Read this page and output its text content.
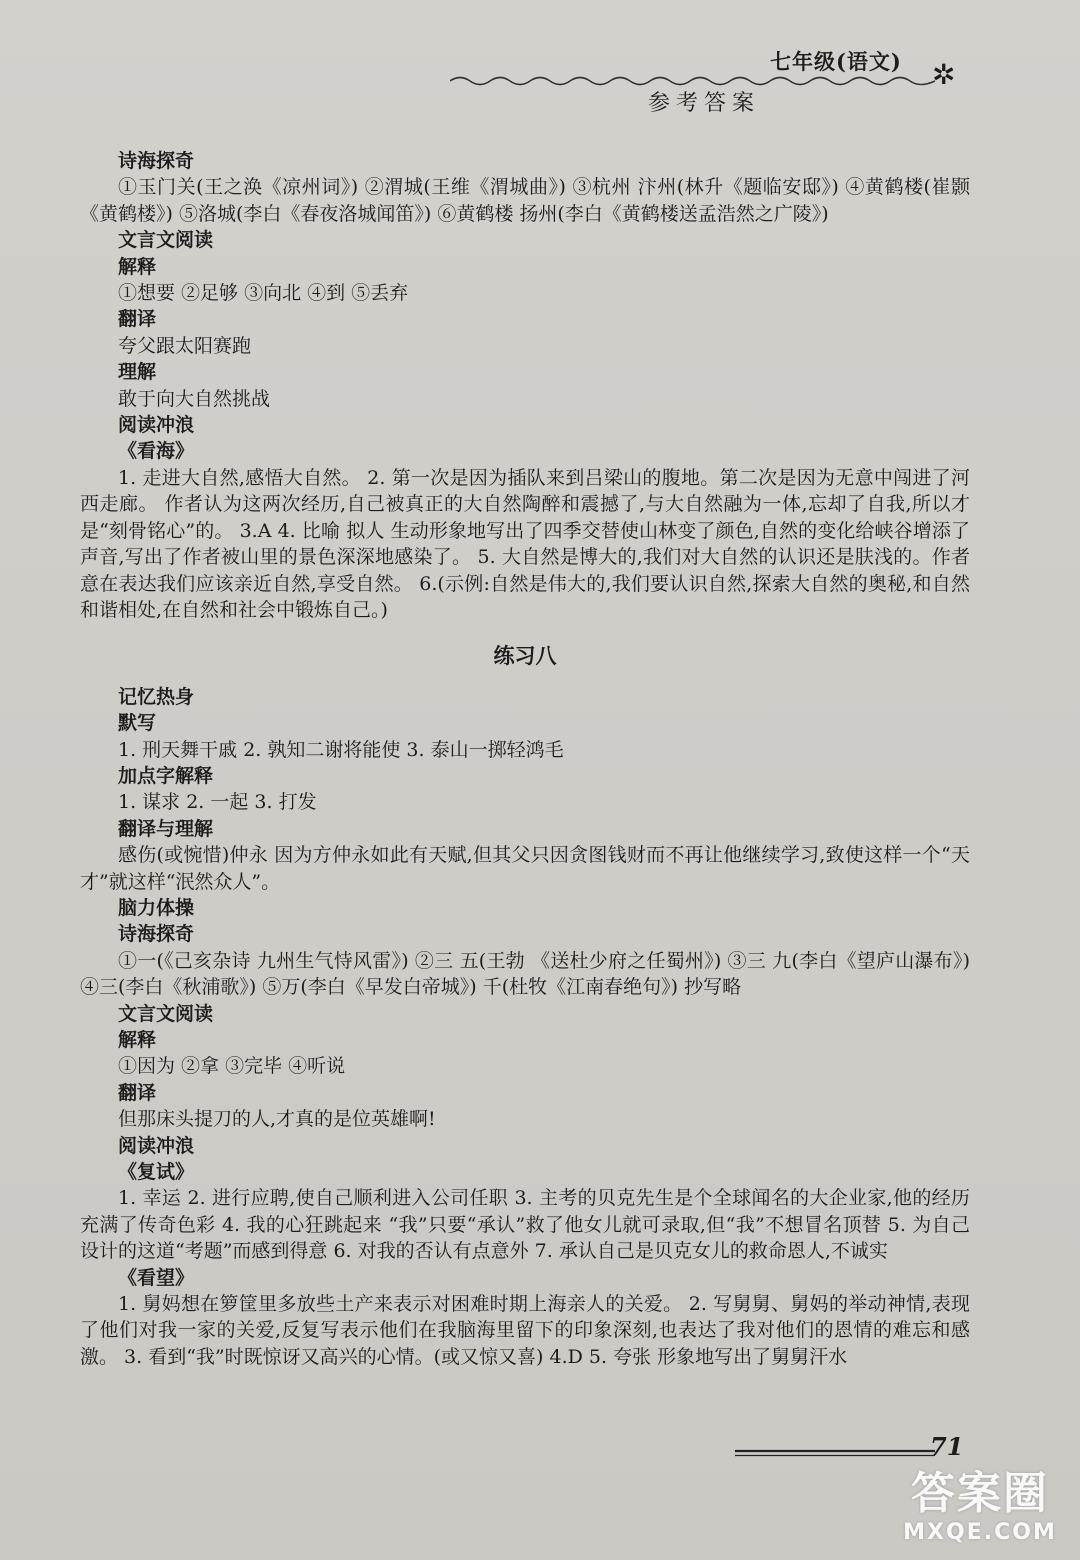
七年级(语文) ✲
参考答案
诗海探奇
①玉门关(王之涣《凉州词》) ②渭城(王维《渭城曲》) ③杭州 汴州(林升《题临安邸》) ④黄鹤楼(崔颢《黄鹤楼》) ⑤洛城(李白《春夜洛城闻笛》) ⑥黄鹤楼 扬州(李白《黄鹤楼送孟浩然之广陵》)
文言文阅读
解释
①想要 ②足够 ③向北 ④到 ⑤丢弃
翻译
夸父跟太阳赛跑
理解
敢于向大自然挑战
阅读冲浪
《看海》
1. 走进大自然,感悟大自然。 2. 第一次是因为插队来到吕梁山的腹地。第二次是因为无意中闯进了河西走廊。 作者认为这两次经历,自己被真正的大自然陶醉和震撼了,与大自然融为一体,忘却了自我,所以才是“刻骨铭心”的。 3.A 4. 比喻 拟人 生动形象地写出了四季交替使山林变了颜色,自然的变化给峡谷增添了声音,写出了作者被山里的景色深深地感染了。 5. 大自然是博大的,我们对大自然的认识还是肤浅的。作者意在表达我们应该亲近自然,享受自然。 6.(示例:自然是伟大的,我们要认识自然,探索大自然的奥秘,和自然和谐相处,在自然和社会中锻炼自己。)
练习八
记忆热身
默写
1. 刑天舞干戚 2. 孰知二谢将能使 3. 泰山一掷轻鸿毛
加点字解释
1. 谋求 2. 一起 3. 打发
翻译与理解
感伤(或惋惜)仲永 因为方仲永如此有天赋,但其父只因贪图钱财而不再让他继续学习,致使这样一个“天才”就这样“泯然众人”。
脑力体操
诗海探奇
①一(《己亥杂诗 九州生气恃风雷》) ②三 五(王勃 《送杜少府之任蜀州》) ③三 九(李白《望庐山瀑布》) ④三(李白《秋浦歌》) ⑤万(李白《早发白帝城》) 千(杜牧《江南春绝句》) 抄写略
文言文阅读
解释
①因为 ②拿 ③完毕 ④听说
翻译
但那床头提刀的人,才真的是位英雄啊!
阅读冲浪
《复试》
1. 幸运 2. 进行应聘,使自己顺利进入公司任职 3. 主考的贝克先生是个全球闻名的大企业家,他的经历充满了传奇色彩 4. 我的心狂跳起来 “我”只要“承认”救了他女儿就可录取,但“我”不想冒名顶替 5. 为自己设计的这道“考题”而感到得意 6. 对我的否认有点意外 7. 承认自己是贝克女儿的救命恩人,不诚实
《看望》
1. 舅妈想在箩筐里多放些土产来表示对困难时期上海亲人的关爱。 2. 写舅舅、舅妈的举动神情,表现了他们对我一家的关爱,反复写表示他们在我脑海里留下的印象深刻,也表达了我对他们的恩情的难忘和感激。 3. 看到“我”时既惊讶又高兴的心情。(或又惊又喜) 4.D 5. 夸张 形象地写出了舅舅汗水
71
答案圈
MXQE.COM
